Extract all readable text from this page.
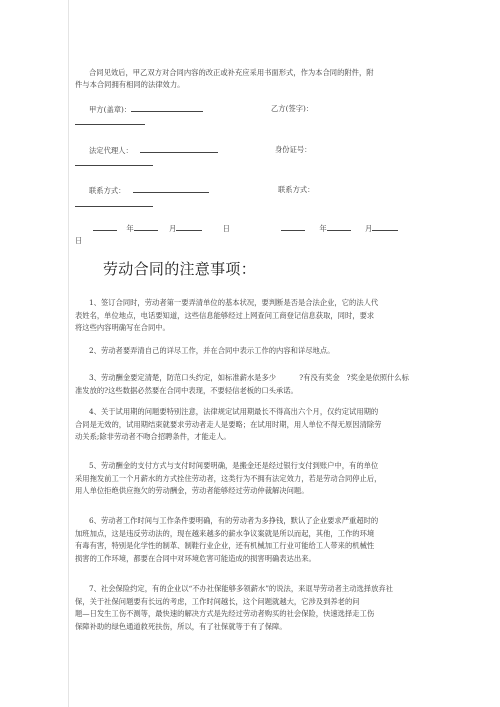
合同见效后，甲乙双方对合同内容的改正或补充应采用书面形式，作为本合同的附件，附
件与本合同拥有相同的法律效力。
甲方(盖章)：	乙方(签字)：
法定代理人：	身份证号：
联系方式：	联系方式：
年	月	日	年	月
日
劳动合同的注意事项：
1、签订合同时，劳动者第一要弄清单位的基本状况，要判断是否是合法企业，它的法人代
表姓名，单位地点，电话要知道，这些信息能够经过上网查问工商登记信息获取，同时，要求
将这些内容明确写在合同中。
2、劳动者要弄清自己的详尽工作，并在合同中表示工作的内容和详尽地点。
3、劳动酬金要定清楚，防范口头约定，如标准薪水是多少          ?有没有奖金   ?奖金是依照什么标
准发放的?这些数据必然要在合同中表现，不要轻信老板的口头承诺。
4、关于试用期的问题要特别注意，法律规定试用期最长不得高出六个月，仅约定试用期的
合同是无效的，试用期结束就要求劳动者走人是要略；在试用时期，用人单位不得无原因清除劳
动关系;除非劳动者不吻合招聘条件，才能走人。
5、劳动酬金的支付方式与支付时间要明确，是搬金还是经过银行支付到账户中，有的单位
采用拖发前工一个月薪水的方式拴住劳动者，这类行为不拥有法定效力，若是劳动合同停止后，
用人单位拒绝供应拖欠的劳动酬金，劳动者能够经过劳动仲裁解决问题。
6、劳动者工作时间与工作条件要明确，有的劳动者为多挣钱，默认了企业要求严重超时的
加班加点，这是违反劳动法的，现在越来越多的薪水争议案就是所以而起，其他，工作的环境
有毒有害，特别是化学性的制革、制鞋行业企业，还有机械加工行业可能给工人带来的机械性
损害的工作环境，都要在合同中对环境危害可能造成的损害明确表达出来。
7、社会保险约定，有的企业以“不办社保能够多领薪水”的说法，来诓导劳动者主动选择放弃社
保，关于社保问题要有长远的考虑，工作时间越长，这个问题就越大，它涉及到养老的问
题—日发生工伤不测等，最快速的解决方式是先经过劳动者购买的社会保险，快速选择走工伤
保障补助的绿色通道救死扶伤，所以，有了社保就等于有了保障。
